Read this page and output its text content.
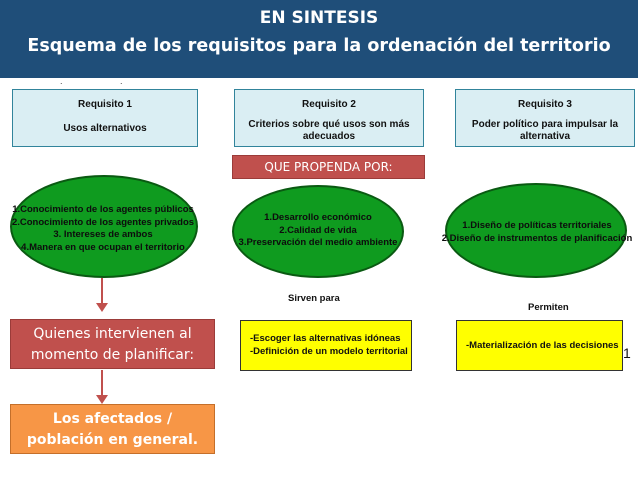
EN SINTESIS
Esquema de los requisitos para la ordenación del territorio
.	.
Requisito 1
Usos alternativos
Requisito 2
Criterios sobre qué usos son más adecuados
Requisito 3
Poder político para impulsar la alternativa
QUE PROPENDA POR:
1.Conocimiento de los agentes públicos
2.Conocimiento de los agentes privados
3. Intereses de ambos
4.Manera en que ocupan el territorio
1.Desarrollo económico
2.Calidad de vida
3.Preservación del medio ambiente
1.Diseño de políticas territoriales
2.Diseño de instrumentos de planificación
Sirven para
Permiten
-Escoger las alternativas idóneas
-Definición de un modelo territorial	-Materialización de las decisiones 1
Quienes intervienen al
momento de planificar:
Los afectados /
población en general.
